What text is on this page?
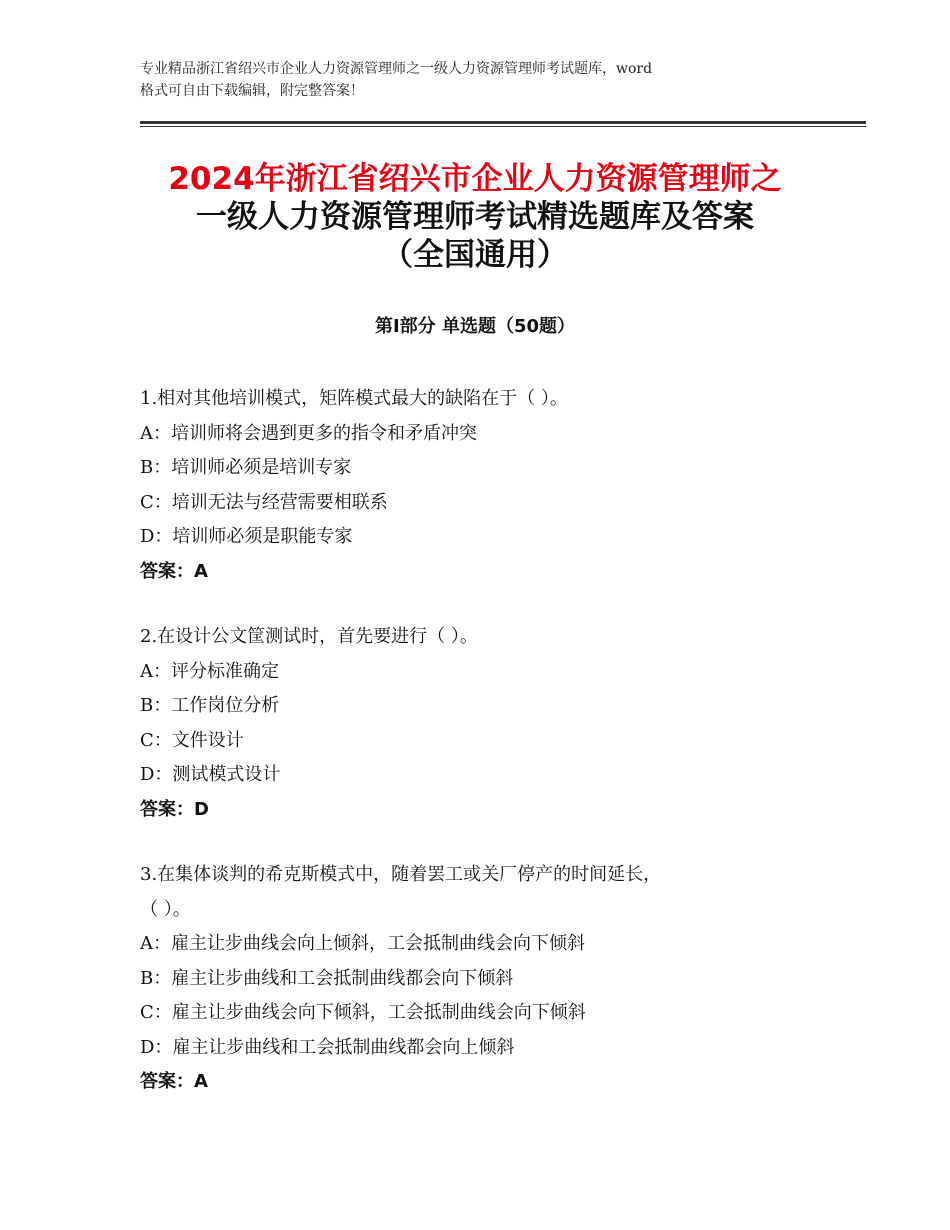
专业精品浙江省绍兴市企业人力资源管理师之一级人力资源管理师考试题库，word
格式可自由下载编辑，附完整答案！
2024年浙江省绍兴市企业人力资源管理师之
一级人力资源管理师考试精选题库及答案
（全国通用）
第Ⅰ部分 单选题（50题）
1.相对其他培训模式，矩阵模式最大的缺陷在于（ ）。
A：培训师将会遇到更多的指令和矛盾冲突
B：培训师必须是培训专家
C：培训无法与经营需要相联系
D：培训师必须是职能专家
答案：A
2.在设计公文筐测试时，首先要进行（ ）。
A：评分标准确定
B：工作岗位分析
C：文件设计
D：测试模式设计
答案：D
3.在集体谈判的希克斯模式中，随着罢工或关厂停产的时间延长，
（ ）。
A：雇主让步曲线会向上倾斜，工会抵制曲线会向下倾斜
B：雇主让步曲线和工会抵制曲线都会向下倾斜
C：雇主让步曲线会向下倾斜，工会抵制曲线会向下倾斜
D：雇主让步曲线和工会抵制曲线都会向上倾斜
答案：A
